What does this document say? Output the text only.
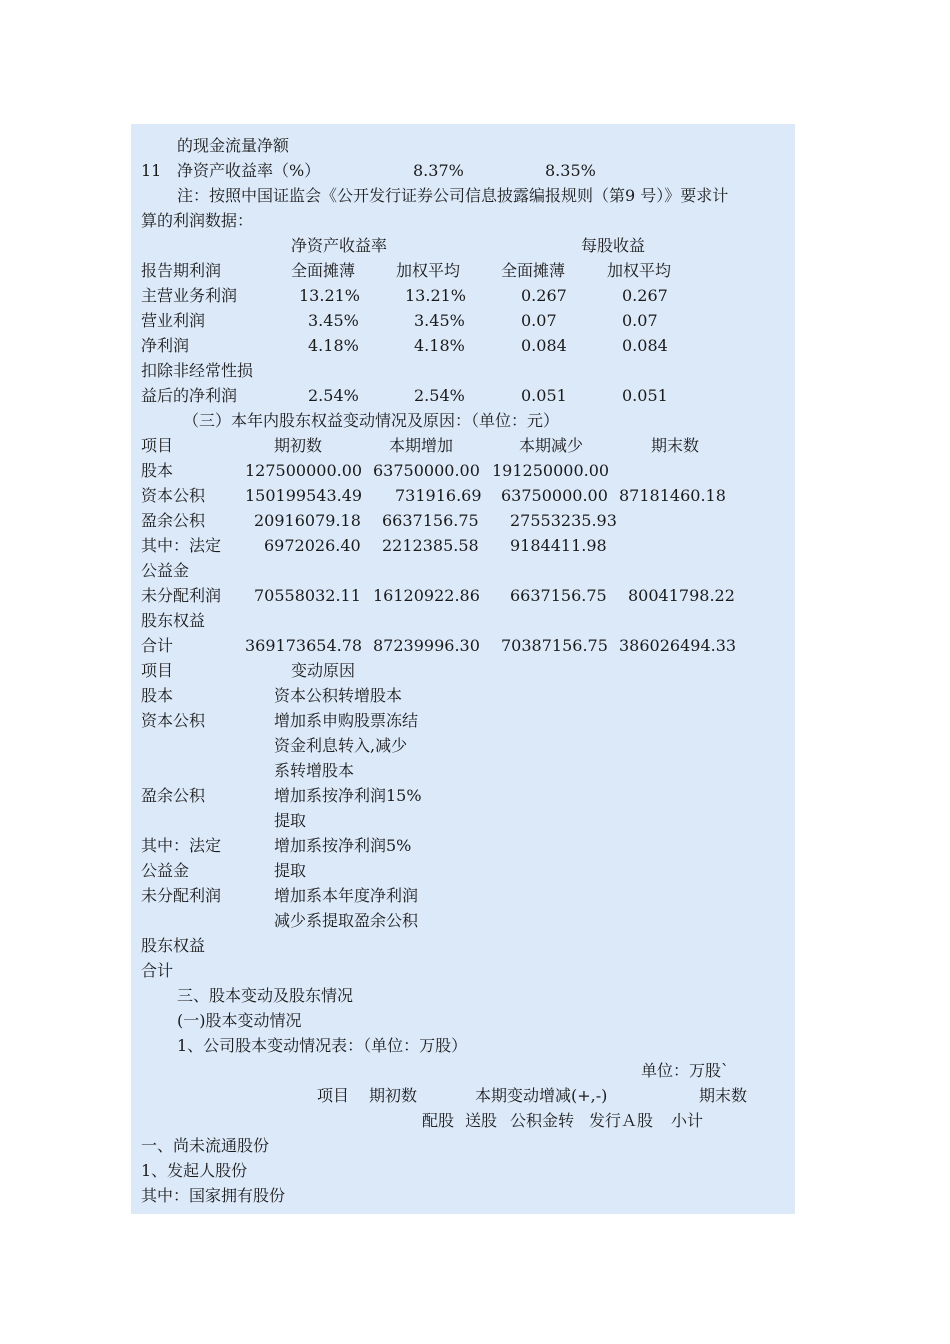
的现金流量净额
11 净资产收益率（%）	8.37%	8.35%
注：按照中国证监会《公开发行证券公司信息披露编报规则（第9 号）》要求计
算的利润数据：
净资产收益率	每股收益
报告期利润	全面摊薄	加权平均	全面摊薄	加权平均
主营业务利润	13.21%	13.21%	0.267	0.267
营业利润	3.45%	3.45%	0.07	0.07
净利润	4.18%	4.18%	0.084	0.084
扣除非经常性损
益后的净利润	2.54%	2.54%	0.051	0.051
（三）本年内股东权益变动情况及原因：（单位：元）
项目	期初数	本期增加	本期减少	期末数
股本	127500000.00 63750000.00 191250000.00
资本公积 150199543.49 731916.69 63750000.00 87181460.18
盈余公积	20916079.18 6637156.75 27553235.93
其中：法定	6972026.40 2212385.58 9184411.98
公益金
未分配利润 70558032.11 16120922.86 6637156.75 80041798.22
股东权益
合计	369173654.78 87239996.30 70387156.75 386026494.33
项目	变动原因
股本	资本公积转增股本
资本公积	增加系申购股票冻结
资金利息转入,减少
系转增股本
盈余公积	增加系按净利润15%
提取
其中：法定	增加系按净利润5%
公益金	提取
未分配利润	增加系本年度净利润
减少系提取盈余公积
股东权益
合计
三、股本变动及股东情况
(一)股本变动情况
1、公司股本变动情况表：（单位：万股）
单位：万股`
项目 期初数	本期变动增减(+,-)	期末数
配股 送股 公积金转 发行Ａ股 小计
一、尚未流通股份
1、发起人股份
其中：国家拥有股份
